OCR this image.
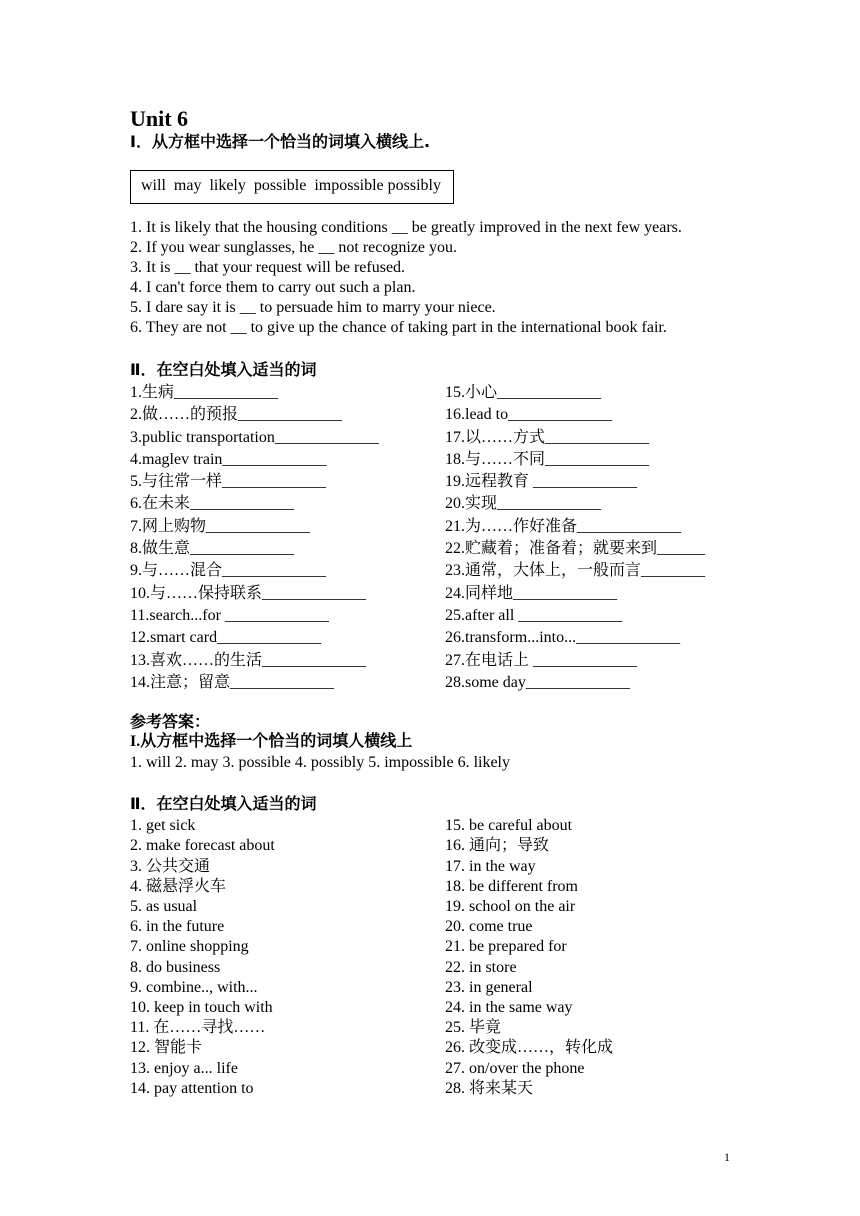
Unit 6
I．从方框中选择一个恰当的词填入横线上.
will  may  likely  possible  impossible possibly
1. It is likely that the housing conditions __ be greatly improved in the next few years.
2. If you wear sunglasses, he __ not recognize you.
3. It is __ that your request will be refused.
4. I can't force them to carry out such a plan.
5. I dare say it is __ to persuade him to marry your niece.
6. They are not __ to give up the chance of taking part in the international book fair.
Ⅱ．在空白处填入适当的词
1.生病_____________
2.做……的预报_____________
3.public transportation_____________
4.maglev train_____________
5.与往常一样_____________
6.在未来_____________
7.网上购物_____________
8.做生意_____________
9.与……混合_____________
10.与……保持联系_____________
11.search...for _____________
12.smart card_____________
13.喜欢……的生活_____________
14.注意；留意_____________
15.小心_____________
16.lead to_____________
17.以……方式_____________
18.与……不同_____________
19.远程教育 _____________
20.实现_____________
21.为……作好准备_____________
22.贮藏着；准备着；就要来到______
23.通常，大体上，一般而言________
24.同样地_____________
25.after all _____________
26.transform...into..._____________
27.在电话上 _____________
28.some day_____________
参考答案：
I.从方框中选择一个恰当的词填人横线上
1. will 2. may 3. possible 4. possibly 5. impossible 6. likely
Ⅱ．在空白处填入适当的词
1. get sick
2. make forecast about
3. 公共交通
4. 磁悬浮火车
5. as usual
6. in the future
7. online shopping
8. do business
9. combine.., with...
10. keep in touch with
11. 在……寻找……
12. 智能卡
13. enjoy a... life
14. pay attention to
15. be careful about
16. 通向；导致
17. in the way
18. be different from
19. school on the air
20. come true
21. be prepared for
22. in store
23. in general
24. in the same way
25. 毕竟
26. 改变成……，转化成
27. on/over the phone
28. 将来某天
1
